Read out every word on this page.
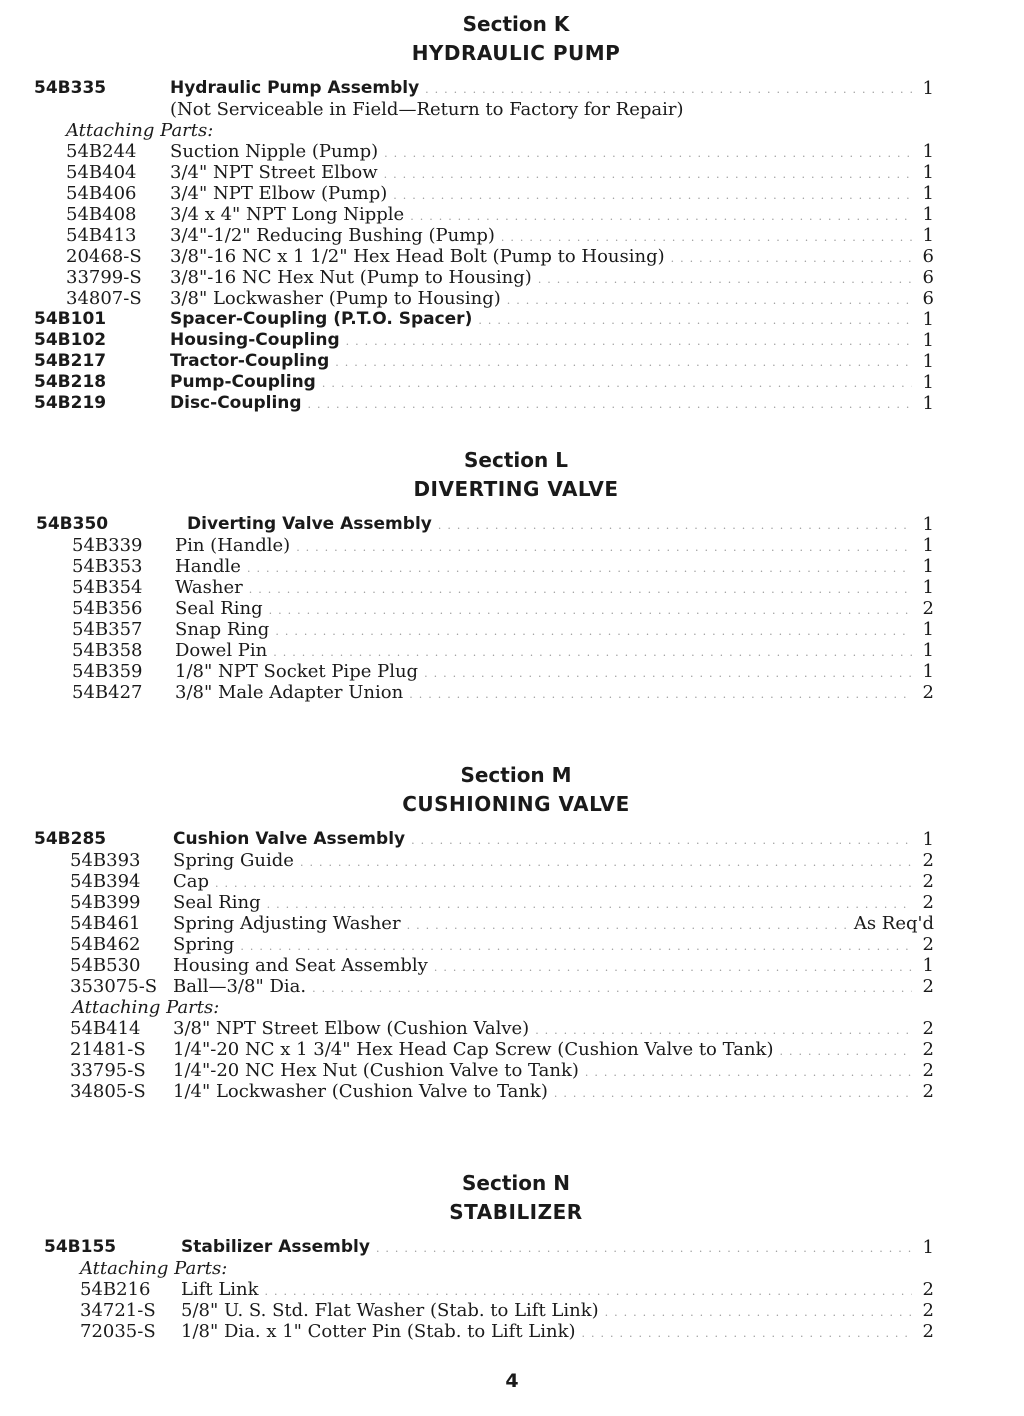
Section K
HYDRAULIC PUMP
54B335	Hydraulic Pump Assembly .....	1
(Not Serviceable in Field—Return to Factory for Repair)
Attaching Parts:
54B244 Suction Nipple (Pump) .....	1
54B404 3/4" NPT Street Elbow .....	1
54B406 3/4" NPT Elbow (Pump) .....	1
54B408 3/4 x 4" NPT Long Nipple .....	1
54B413 3/4"-1/2" Reducing Bushing (Pump) .....	1
20468-S 3/8"-16 NC x 1 1/2" Hex Head Bolt (Pump to Housing) .....	6
33799-S 3/8"-16 NC Hex Nut (Pump to Housing) .....	6
34807-S 3/8" Lockwasher (Pump to Housing) .....	6
54B101	Spacer-Coupling (P.T.O. Spacer) .....	1
54B102	Housing-Coupling .....	1
54B217	Tractor-Coupling .....	1
54B218	Pump-Coupling .....	1
54B219	Disc-Coupling .....	1
Section L
DIVERTING VALVE
54B350	Diverting Valve Assembly .....	1
54B339 Pin (Handle) .....	1
54B353 Handle .....	1
54B354 Washer .....	1
54B356 Seal Ring .....	2
54B357 Snap Ring .....	1
54B358 Dowel Pin .....	1
54B359 1/8" NPT Socket Pipe Plug .....	1
54B427 3/8" Male Adapter Union .....	2
Section M
CUSHIONING VALVE
54B285	Cushion Valve Assembly .....	1
54B393 Spring Guide .....	2
54B394 Cap .....	2
54B399 Seal Ring .....	2
54B461 Spring Adjusting Washer .....	As Req'd
54B462 Spring .....	2
54B530 Housing and Seat Assembly .....	1
353075-S Ball—3/8" Dia. .....	2
Attaching Parts:
54B414 3/8" NPT Street Elbow (Cushion Valve) .....	2
21481-S 1/4"-20 NC x 1 3/4" Hex Head Cap Screw (Cushion Valve to Tank) .....	2
33795-S 1/4"-20 NC Hex Nut (Cushion Valve to Tank) .....	2
34805-S 1/4" Lockwasher (Cushion Valve to Tank) .....	2
Section N
STABILIZER
54B155	Stabilizer Assembly .....	1
Attaching Parts:
54B216 Lift Link .....	2
34721-S 5/8" U. S. Std. Flat Washer (Stab. to Lift Link) .....	2
72035-S 1/8" Dia. x 1" Cotter Pin (Stab. to Lift Link) .....	2
4
